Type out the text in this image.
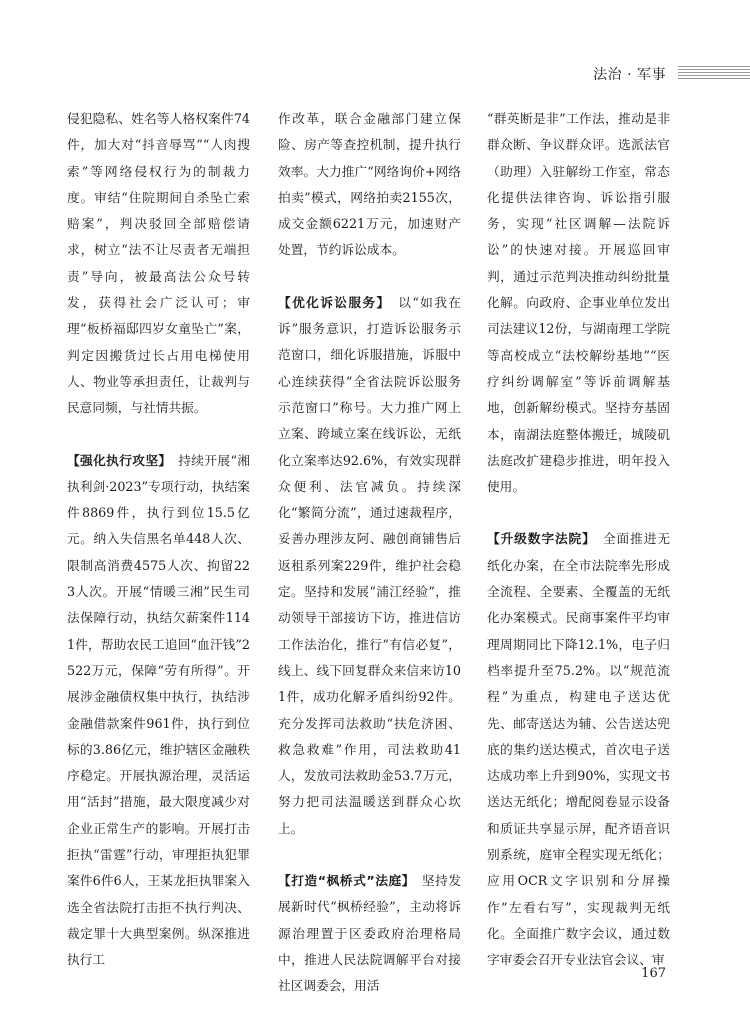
法治 · 军事

侵犯隐私、姓名等人格权案件74件，加大对“抖音辱骂”“人肉搜索”等网络侵权行为的制裁力度。审结“住院期间自杀坠亡索赔案”，判决驳回全部赔偿请求，树立“法不让尽责者无端担责”导向，被最高法公众号转发，获得社会广泛认可；审理“板桥福邸四岁女童坠亡”案，判定因搬货过长占用电梯使用人、物业等承担责任，让裁判与民意同频，与社情共振。

【强化执行攻坚】　 持续开展“湘执利剑·2023”专项行动，执结案件8869件，执行到位15.5亿元。纳入失信黑名单448人次、限制高消费4575人次、拘留223人次。开展“情暖三湘”民生司法保障行动，执结欠薪案件1141件，帮助农民工追回“血汗钱”2522万元，保障“劳有所得”。开展涉金融债权集中执行，执结涉金融借款案件961件，执行到位标的3.86亿元，维护辖区金融秩序稳定。开展执源治理，灵活运用“活封”措施，最大限度减少对企业正常生产的影响。开展打击拒执“雷霆”行动，审理拒执犯罪案件6件6人，王某龙拒执罪案入选全省法院打击拒不执行判决、裁定罪十大典型案例。纵深推进执行工

作改革，联合金融部门建立保险、房产等查控机制，提升执行效率。大力推广“网络询价+网络拍卖”模式，网络拍卖2155次，成交金额6221万元，加速财产处置，节约诉讼成本。

【优化诉讼服务】　 以“如我在诉”服务意识，打造诉讼服务示范窗口，细化诉服措施，诉服中心连续获得“全省法院诉讼服务示范窗口”称号。大力推广网上立案、跨域立案在线诉讼，无纸化立案率达92.6%，有效实现群众便利、法官减负。持续深化“繁简分流”，通过速裁程序，妥善办理涉友阿、融创商铺售后返租系列案229件，维护社会稳定。坚持和发展“浦江经验”，推动领导干部接访下访，推进信访工作法治化，推行“有信必复”，线上、线下回复群众来信来访101件，成功化解矛盾纠纷92件。充分发挥司法救助“扶危济困、救急救难”作用，司法救助41人，发放司法救助金53.7万元，努力把司法温暖送到群众心坎上。

【打造“枫桥式”法庭】　 坚持发展新时代“枫桥经验”，主动将诉源治理置于区委政府治理格局中，推进人民法院调解平台对接社区调委会，用活

“群英断是非”工作法，推动是非群众断、争议群众评。选派法官（助理）入驻解纷工作室，常态化提供法律咨询、诉讼指引服务，实现“社区调解—法院诉讼”的快速对接。开展巡回审判，通过示范判决推动纠纷批量化解。向政府、企事业单位发出司法建议12份，与湖南理工学院等高校成立“法校解纷基地”“医疗纠纷调解室”等诉前调解基地，创新解纷模式。坚持夯基固本，南湖法庭整体搬迁，城陵矶法庭改扩建稳步推进，明年投入使用。

【升级数字法院】　 全面推进无纸化办案，在全市法院率先形成全流程、全要素、全覆盖的无纸化办案模式。民商事案件平均审理周期同比下降12.1%，电子归档率提升至75.2%。以“规范流程”为重点，构建电子送达优先、邮寄送达为辅、公告送达兜底的集约送达模式，首次电子送达成功率上升到90%，实现文书送达无纸化；增配阅卷显示设备和质证共享显示屏，配齐语音识别系统，庭审全程实现无纸化；应用OCR文字识别和分屏操作“左看右写”，实现裁判无纸化。全面推广数字会议，通过数字审委会召开专业法官会议、审

167
